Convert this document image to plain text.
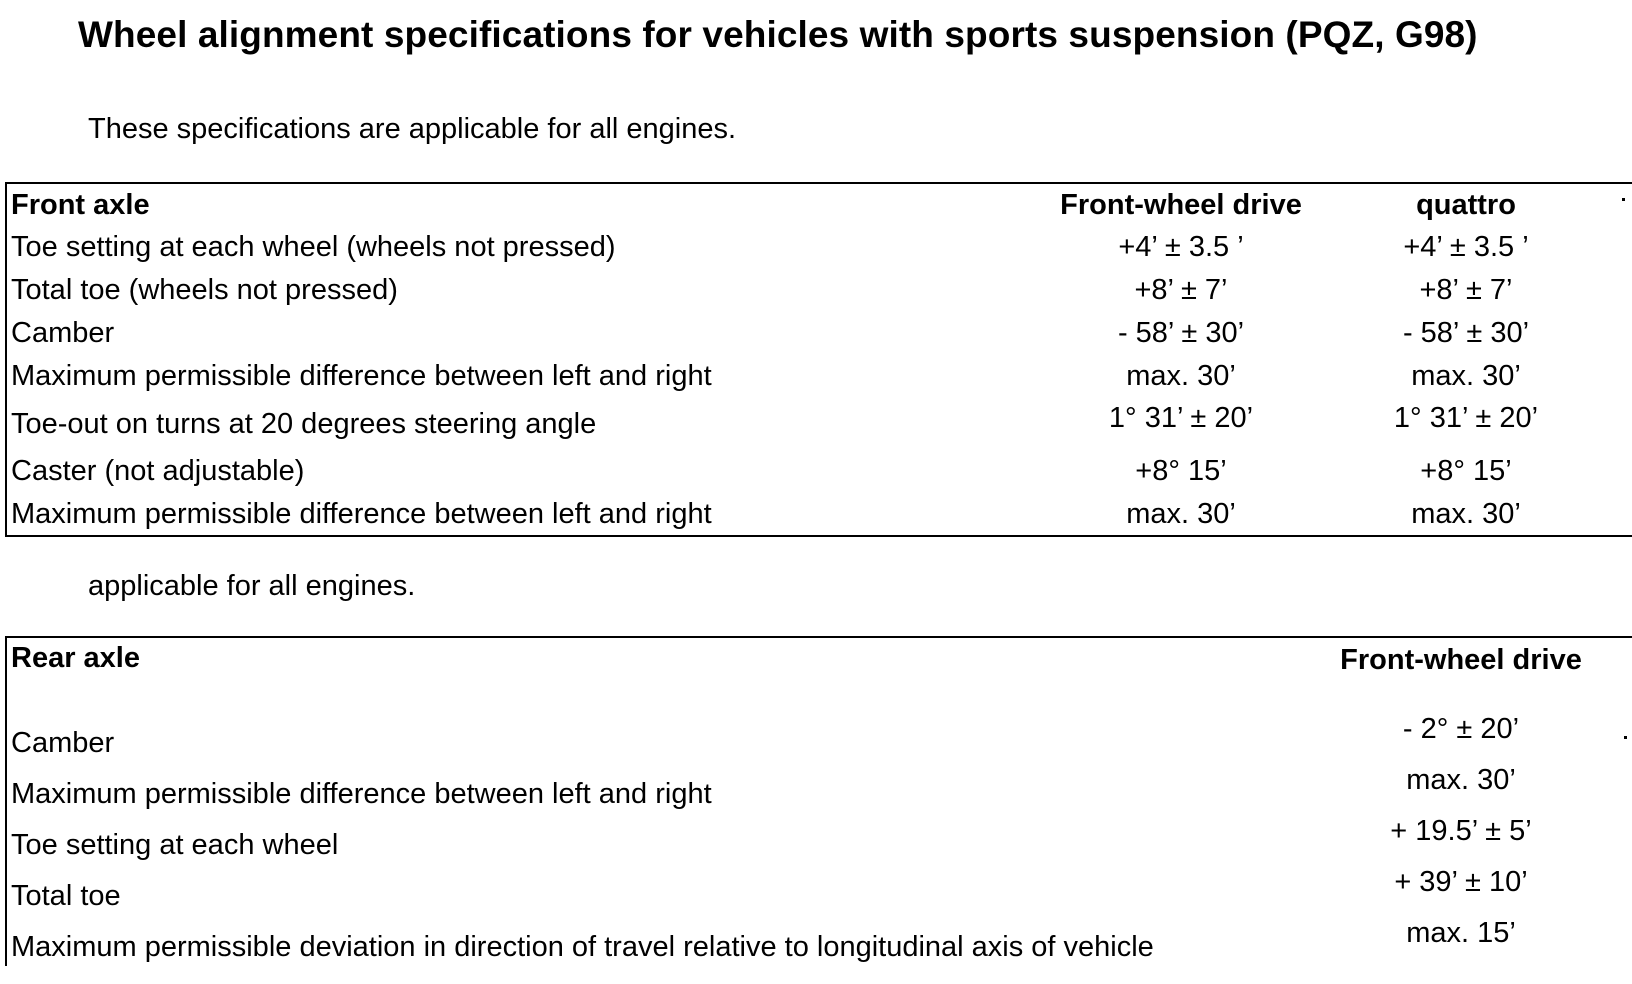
Wheel alignment specifications for vehicles with sports suspension (PQZ, G98)
These specifications are applicable for all engines.
Front axle	Front-wheel drive	quattro	
Toe setting at each wheel (wheels not pressed)	+4’ ± 3.5 ’	+4’ ± 3.5 ’	
Total toe (wheels not pressed)	+8’ ± 7’	+8’ ± 7’	
Camber	- 58’ ± 30’	- 58’ ± 30’	
Maximum permissible difference between left and right	max. 30’	max. 30’	
Toe-out on turns at 20 degrees steering angle	1° 31’ ± 20’	1° 31’ ± 20’	
Caster (not adjustable)	+8° 15’	+8° 15’	
Maximum permissible difference between left and right	max. 30’	max. 30’	
applicable for all engines.
Rear axle	Front-wheel drive	
Camber	- 2° ± 20’	
Maximum permissible difference between left and right	max. 30’	
Toe setting at each wheel	+ 19.5’ ± 5’	
Total toe	+ 39’ ± 10’	
Maximum permissible deviation in direction of travel relative to longitudinal axis of vehicle	max. 15’	
